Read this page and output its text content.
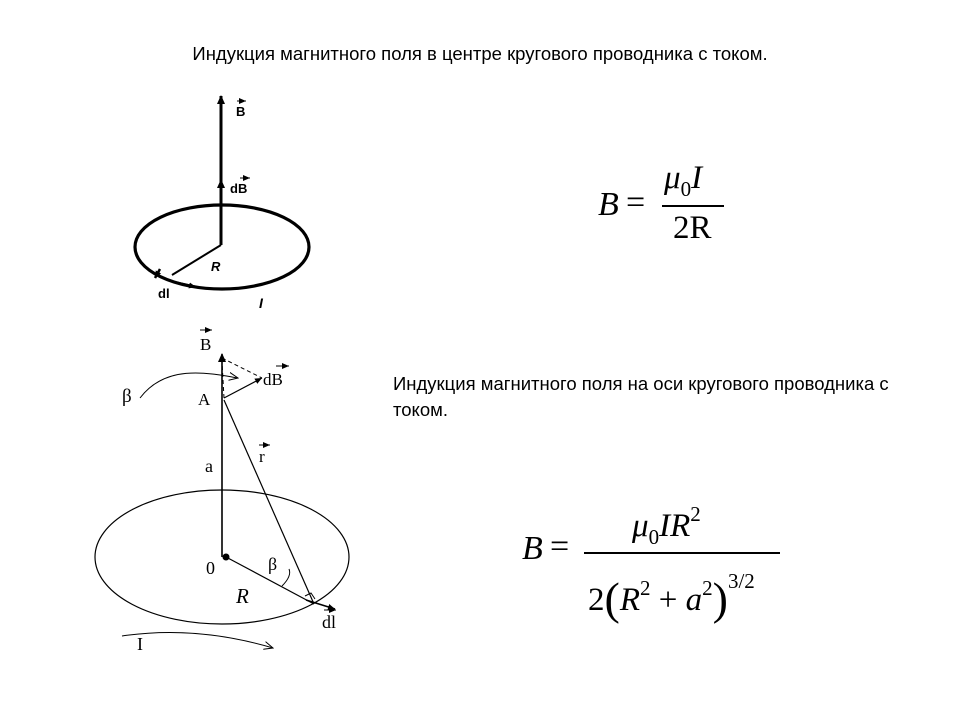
Индукция магнитного поля в центре кругового проводника с током.
B =
$\mu_0I$
2R
Индукция магнитного поля на оси кругового проводника с током.
B =
$\mu_0IR^2$
$2(R^2 + a^2)^{3/2}$
B
dB
R
dl
I
B
dB
β	A
r
a
0	β
R
dl
I
